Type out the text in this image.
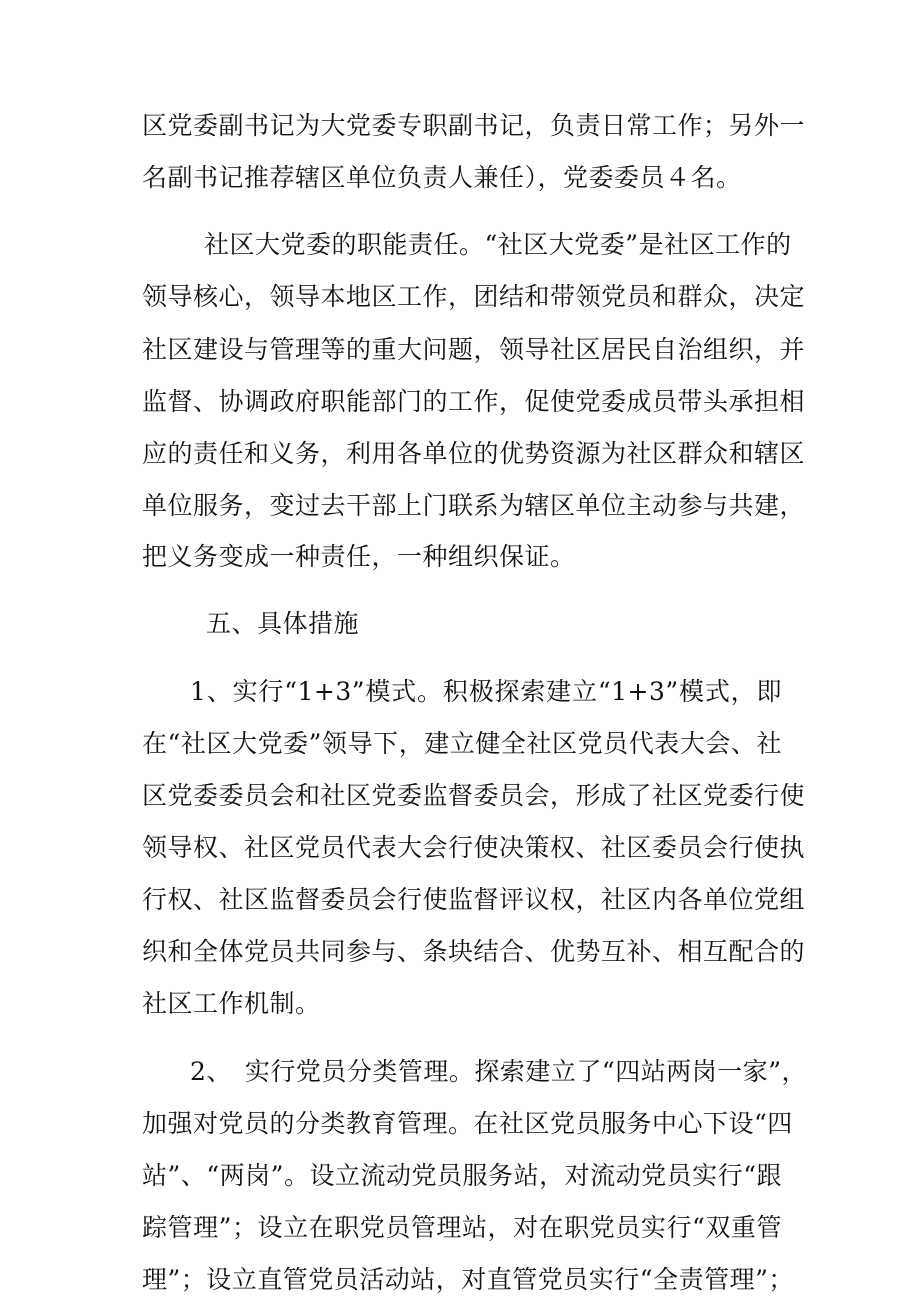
区党委副书记为大党委专职副书记，负责日常工作；另外一
名副书记推荐辖区单位负责人兼任），党委委员４名。
社区大党委的职能责任。“社区大党委”是社区工作的
领导核心，领导本地区工作，团结和带领党员和群众，决定
社区建设与管理等的重大问题，领导社区居民自治组织，并
监督、协调政府职能部门的工作，促使党委成员带头承担相
应的责任和义务，利用各单位的优势资源为社区群众和辖区
单位服务，变过去干部上门联系为辖区单位主动参与共建，
把义务变成一种责任，一种组织保证。
五、具体措施
1、实行“1+3”模式。积极探索建立“1+3”模式，即
在“社区大党委”领导下，建立健全社区党员代表大会、社
区党委委员会和社区党委监督委员会，形成了社区党委行使
领导权、社区党员代表大会行使决策权、社区委员会行使执
行权、社区监督委员会行使监督评议权，社区内各单位党组
织和全体党员共同参与、条块结合、优势互补、相互配合的
社区工作机制。
2、　实行党员分类管理。探索建立了“四站两岗一家”，
加强对党员的分类教育管理。在社区党员服务中心下设“四
站”、“两岗”。设立流动党员服务站，对流动党员实行“跟
踪管理”；设立在职党员管理站，对在职党员实行“双重管
理”；设立直管党员活动站，对直管党员实行“全责管理”；
